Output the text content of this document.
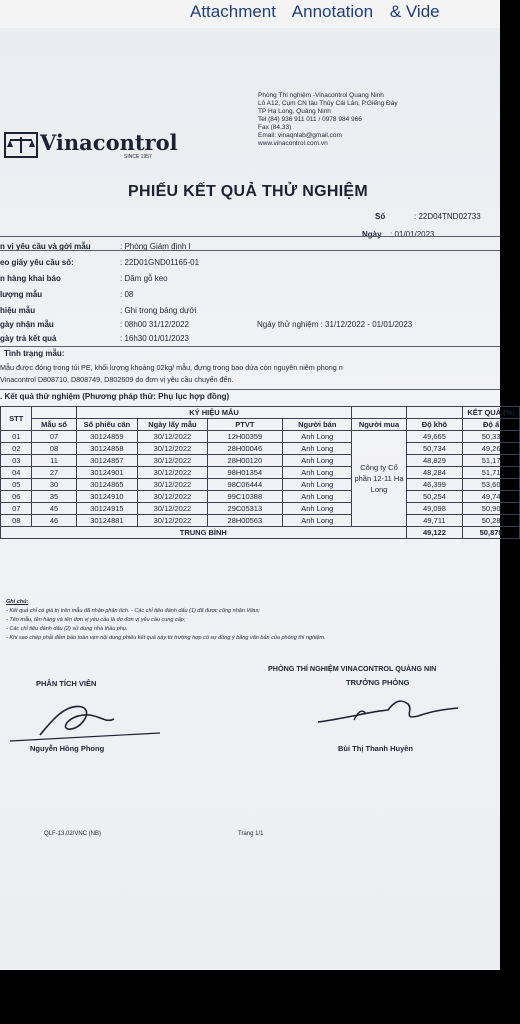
Attachment Annotation & Vide
Phòng Thí nghiệm -Vinacontrol Quang Ninh
Lô A12, Cụm CN tàu Thủy Cái Lân, P.Giếng Đáy
TP Hạ Long, Quảng Ninh
Tel (84) 936 911 011 / 0978 984 966
Fax (84.33)
Email: vinaqnlab@gmail.com
www.vinacontrol.com.vn
Vinacontrol
SINCE 1957
PHIẾU KẾT QUẢ THỬ NGHIỆM
Số	: 22D04TND02733
Ngày : 01/01/2023
n vị yêu cầu và gởi mẫu	: Phòng Giám định I
eo giấy yêu cầu số:	: 22D01GND01165-01
n hàng khai báo	: Dăm gỗ keo
lượng mẫu	: 08
hiệu mẫu	: Ghi trong bảng dưới
gày nhận mẫu	: 08h00 31/12/2022
gày trả kết quả	: 16h30 01/01/2023
Ngày thử nghiệm : 31/12/2022 - 01/01/2023
Tình trạng mẫu:
Mẫu được đóng trong túi PE, khối lượng khoảng 02kg/ mẫu, đựng trong bao dứa còn nguyên niêm phong n
Vinacontrol D808710, D808749, D802609 do đơn vị yêu cầu chuyển đến.
. Kết quả thử nghiệm (Phương pháp thử: Phụ lục hợp đồng)
STT		KÝ HIỆU MẪU						KẾT QUẢ (%)
	Mẫu số	Số phiếu cân	Ngày lấy mẫu	PTVT	Người bán	Người mua	Độ khô	Độ ẩ
01	07	30124859	30/12/2022	12H00359	Anh Long	Công ty Cổ phần 12-11 Hạ Long	49,665	50,33
02	08	30124858	30/12/2022	28H00046	Anh Long		50,734	49,26
03	11	30124857	30/12/2022	28H00120	Anh Long		48,829	51,17
04	27	30124901	30/12/2022	98H01354	Anh Long		48,284	51,71
05	30	30124865	30/12/2022	98C06444	Anh Long		46,399	53,60
06	35	30124910	30/12/2022	99C10388	Anh Long		50,254	49,74
07	45	30124915	30/12/2022	29C05313	Anh Long		49,098	50,90
08	46	30124881	30/12/2022	28H00563	Anh Long		49,711	50,28
TRUNG BÌNH							49,122	50,878
Ghi chú:
- Kết quả chỉ có giá trị trên mẫu đã nhận phân tích. - Các chỉ tiêu đánh dấu (1) đã được công nhận Vilas;
- Tên mẫu, tên hàng và tên đơn vị yêu cầu là do đơn vị yêu cầu cung cấp;
- Các chỉ tiêu đánh dấu (2) sử dụng nhà thầu phụ.
- Khi sao chép phải đảm bảo toàn vẹn nội dung phiếu kết quả này từ trường hợp có sự đồng ý bằng văn bản của phòng thí nghiệm.
PHÒNG THÍ NGHIỆM VINACONTROL QUẢNG NIN
PHÂN TÍCH VIÊN	TRƯỞNG PHÒNG
Nguyễn Hồng Phong	Bùi Thị Thanh Huyền
QLF-13.02/VNC (NB)	Trang 1/1
